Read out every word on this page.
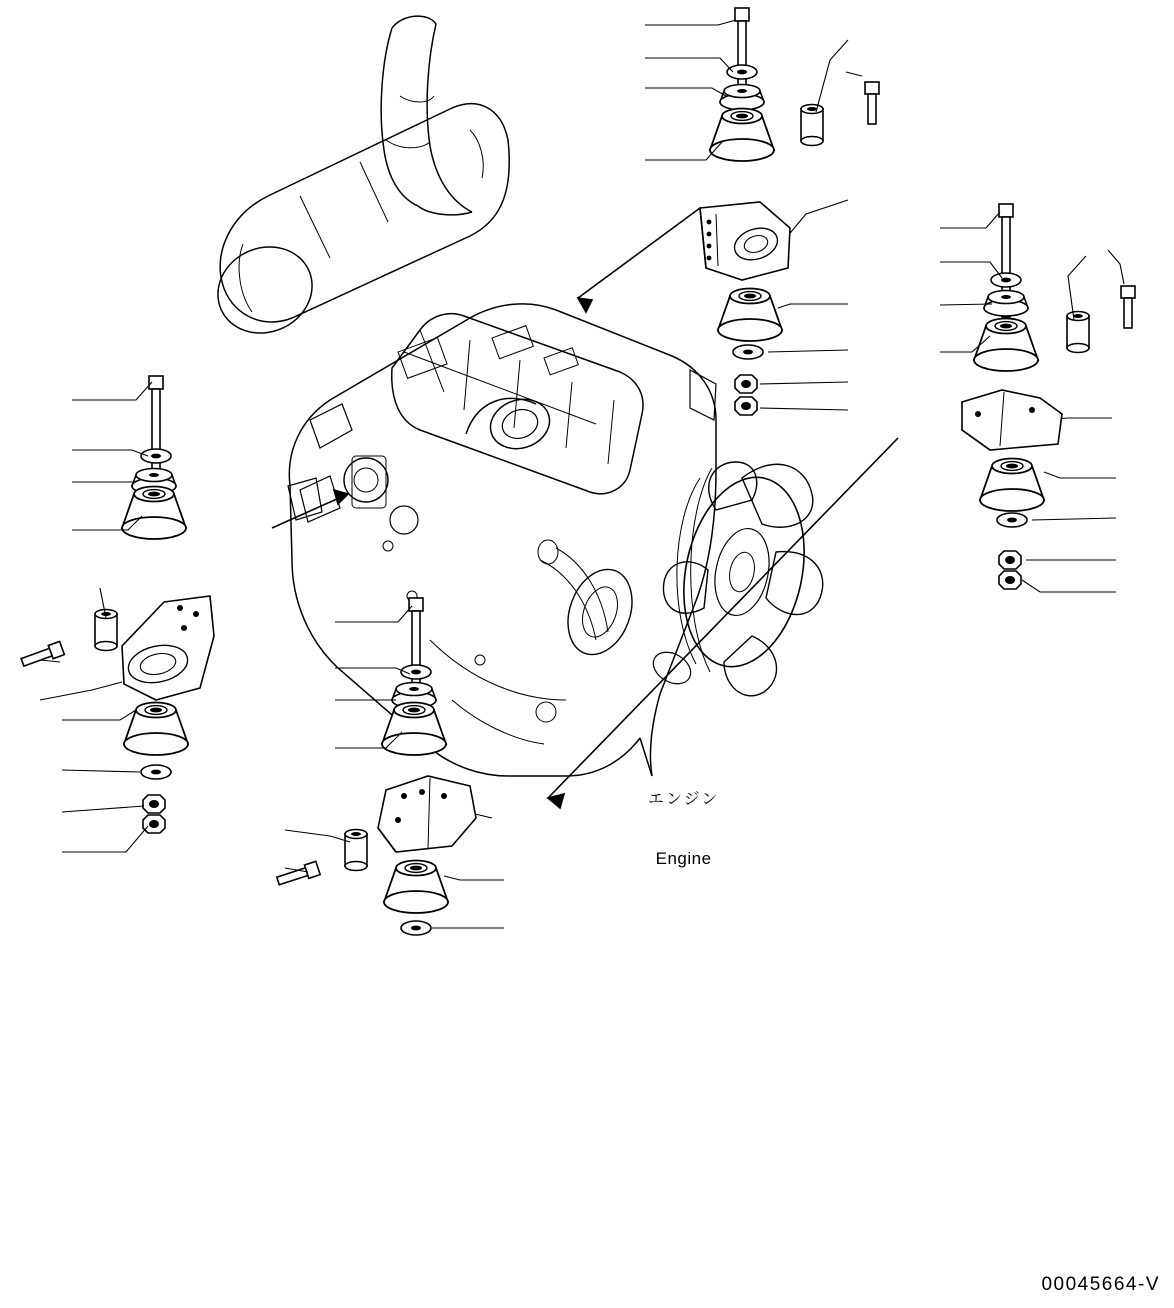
エンジン

Engine

00045664-V
